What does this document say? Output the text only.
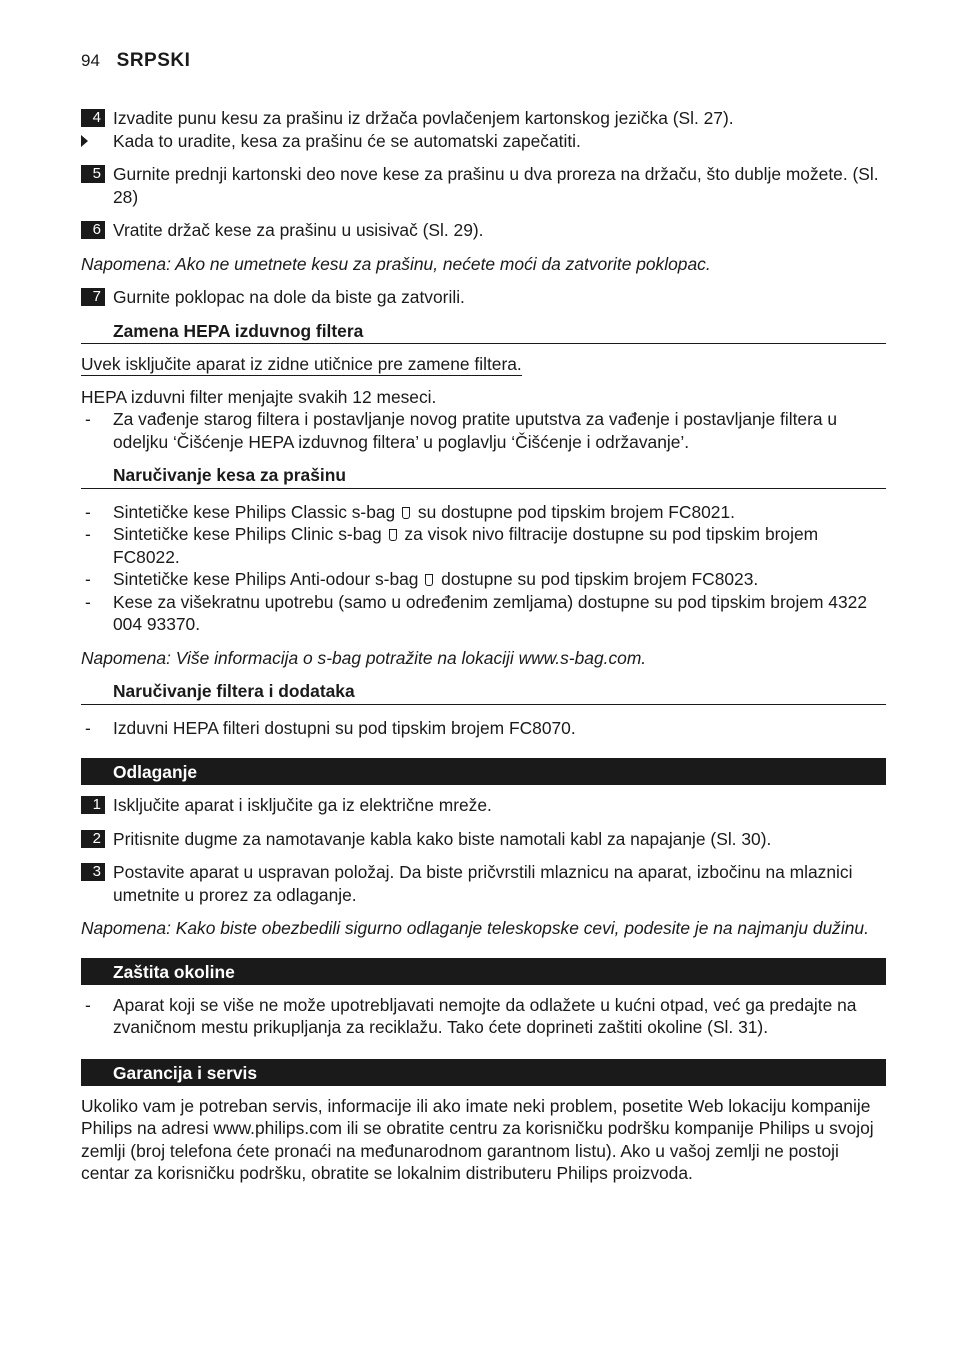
94 SRPSKI
4 Izvadite punu kesu za prašinu iz držača povlačenjem kartonskog jezička (Sl. 27).
Kada to uradite, kesa za prašinu će se automatski zapečatiti.
5 Gurnite prednji kartonski deo nove kese za prašinu u dva proreza na držaču, što dublje možete. (Sl. 28)
6 Vratite držač kese za prašinu u usisivač (Sl. 29).
Napomena: Ako ne umetnete kesu za prašinu, nećete moći da zatvorite poklopac.
7 Gurnite poklopac na dole da biste ga zatvorili.
Zamena HEPA izduvnog filtera
Uvek isključite aparat iz zidne utičnice pre zamene filtera.
HEPA izduvni filter menjajte svakih 12 meseci.
- Za vađenje starog filtera i postavljanje novog pratite uputstva za vađenje i postavljanje filtera u odeljku ‘Čišćenje HEPA izduvnog filtera’ u poglavlju ‘Čišćenje i održavanje’.
Naručivanje kesa za prašinu
- Sintetičke kese Philips Classic s-bag su dostupne pod tipskim brojem FC8021.
- Sintetičke kese Philips Clinic s-bag za visok nivo filtracije dostupne su pod tipskim brojem FC8022.
- Sintetičke kese Philips Anti-odour s-bag dostupne su pod tipskim brojem FC8023.
- Kese za višekratnu upotrebu (samo u određenim zemljama) dostupne su pod tipskim brojem 4322 004 93370.
Napomena: Više informacija o s-bag potražite na lokaciji www.s-bag.com.
Naručivanje filtera i dodataka
- Izduvni HEPA filteri dostupni su pod tipskim brojem FC8070.
Odlaganje
1 Isključite aparat i isključite ga iz električne mreže.
2 Pritisnite dugme za namotavanje kabla kako biste namotali kabl za napajanje (Sl. 30).
3 Postavite aparat u uspravan položaj. Da biste pričvrstili mlaznicu na aparat, izbočinu na mlaznici umetnite u prorez za odlaganje.
Napomena: Kako biste obezbedili sigurno odlaganje teleskopske cevi, podesite je na najmanju dužinu.
Zaštita okoline
- Aparat koji se više ne može upotrebljavati nemojte da odlažete u kućni otpad, već ga predajte na zvaničnom mestu prikupljanja za reciklažu. Tako ćete doprineti zaštiti okoline (Sl. 31).
Garancija i servis
Ukoliko vam je potreban servis, informacije ili ako imate neki problem, posetite Web lokaciju kompanije Philips na adresi www.philips.com ili se obratite centru za korisničku podršku kompanije Philips u svojoj zemlji (broj telefona ćete pronaći na međunarodnom garantnom listu). Ako u vašoj zemlji ne postoji centar za korisničku podršku, obratite se lokalnim distributeru Philips proizvoda.
